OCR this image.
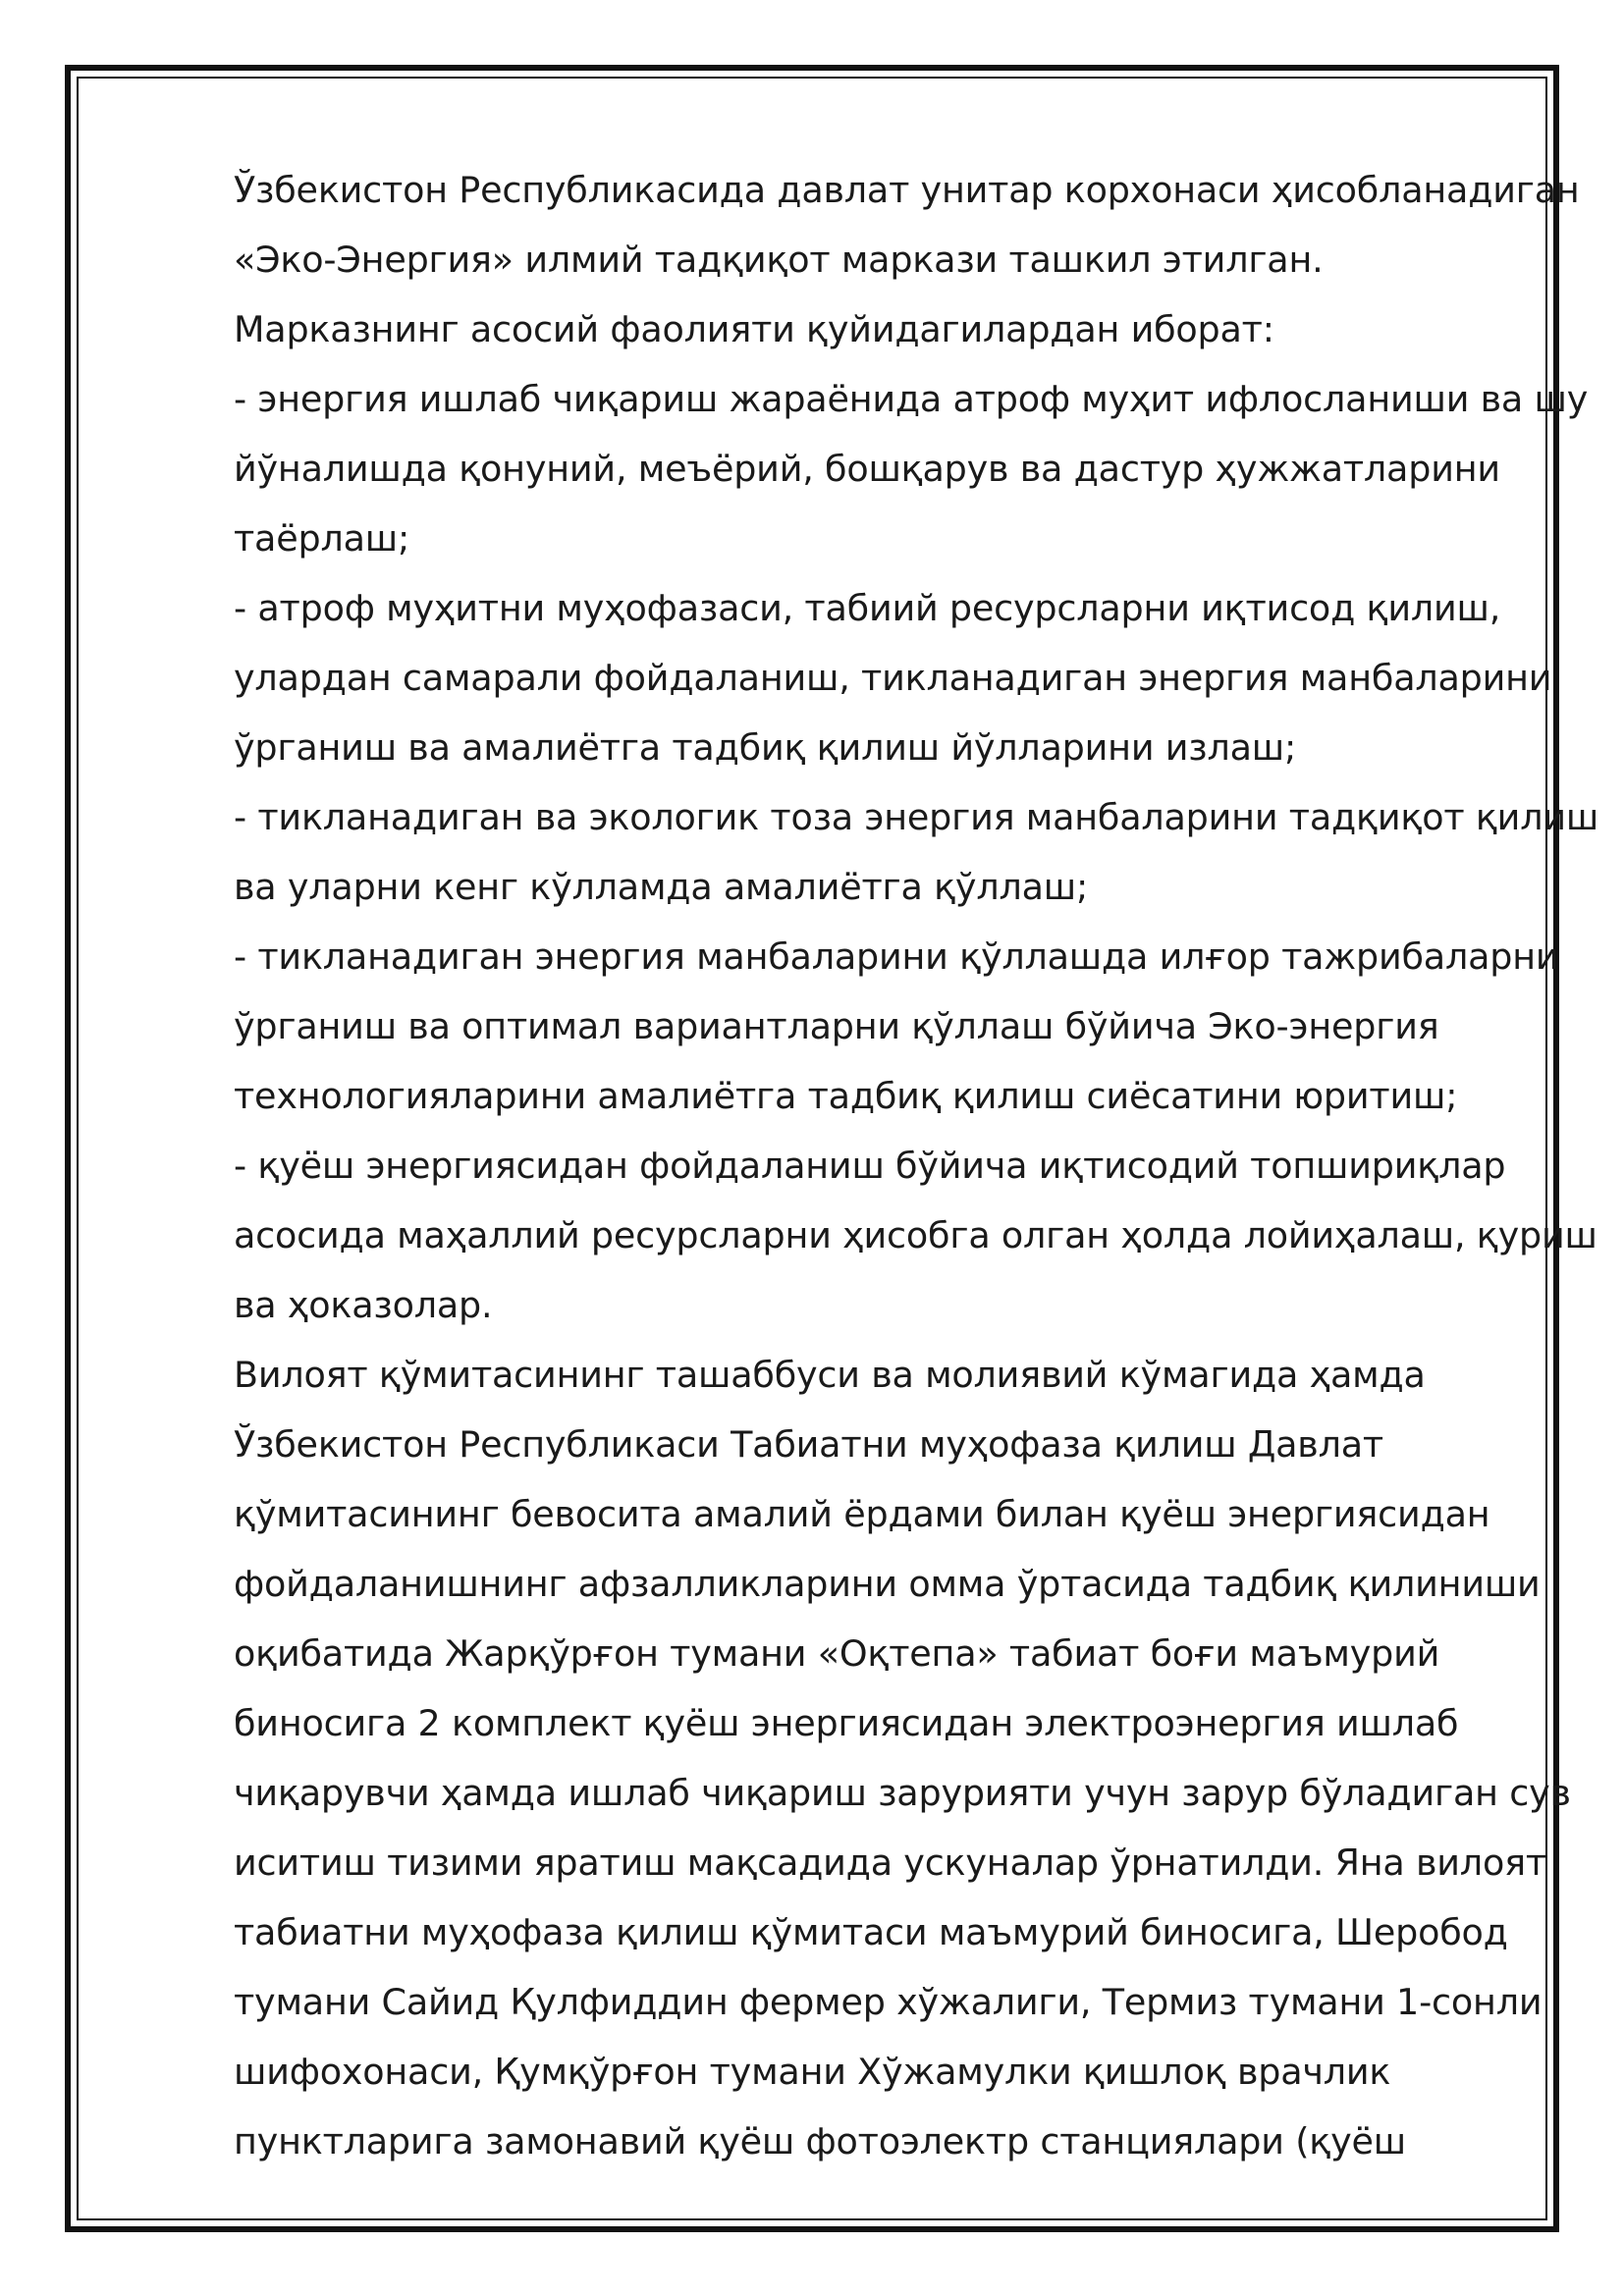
Ўзбекистон Республикасида давлат унитар корхонаси ҳисобланадиган
«Эко-Энергия» илмий тадқиқот маркази ташкил этилган.
Марказнинг асосий фаолияти қуйидагилардан иборат:
- энергия ишлаб чиқариш жараёнида атроф муҳит ифлосланиши ва шу
йўналишда қонуний, меъёрий, бошқарув ва дастур ҳужжатларини
таёрлаш;
- атроф муҳитни муҳофазаси, табиий ресурсларни иқтисод қилиш,
улардан самарали фойдаланиш, тикланадиган энергия манбаларини
ўрганиш ва амалиётга тадбиқ қилиш йўлларини излаш;
- тикланадиган ва экологик тоза энергия манбаларини тадқиқот қилиш
ва уларни кенг кўлламда амалиётга қўллаш;
- тикланадиган энергия манбаларини қўллашда илғор тажрибаларни
ўрганиш ва оптимал вариантларни қўллаш бўйича Эко-энергия
технологияларини амалиётга тадбиқ қилиш сиёсатини юритиш;
- қуёш энергиясидан фойдаланиш бўйича иқтисодий топшириқлар
асосида маҳаллий ресурсларни ҳисобга олган ҳолда лойиҳалаш, қуриш
ва ҳоказолар.
Вилоят қўмитасининг ташаббуси ва молиявий кўмагида ҳамда
Ўзбекистон Республикаси Табиатни муҳофаза қилиш Давлат
қўмитасининг бевосита амалий ёрдами билан қуёш энергиясидан
фойдаланишнинг афзалликларини омма ўртасида тадбиқ қилиниши
оқибатида Жарқўрғон тумани «Оқтепа» табиат боғи маъмурий
биносига 2 комплект қуёш энергиясидан электроэнергия ишлаб
чиқарувчи ҳамда ишлаб чиқариш зарурияти учун зарур бўладиган сув
иситиш тизими яратиш мақсадида ускуналар ўрнатилди. Яна вилоят
табиатни муҳофаза қилиш қўмитаси маъмурий биносига, Шеробод
тумани Сайид Қулфиддин фермер хўжалиги, Термиз тумани 1-сонли
шифохонаси, Қумқўрғон тумани Хўжамулки қишлоқ врачлик
пунктларига замонавий қуёш фотоэлектр станциялари (қуёш
